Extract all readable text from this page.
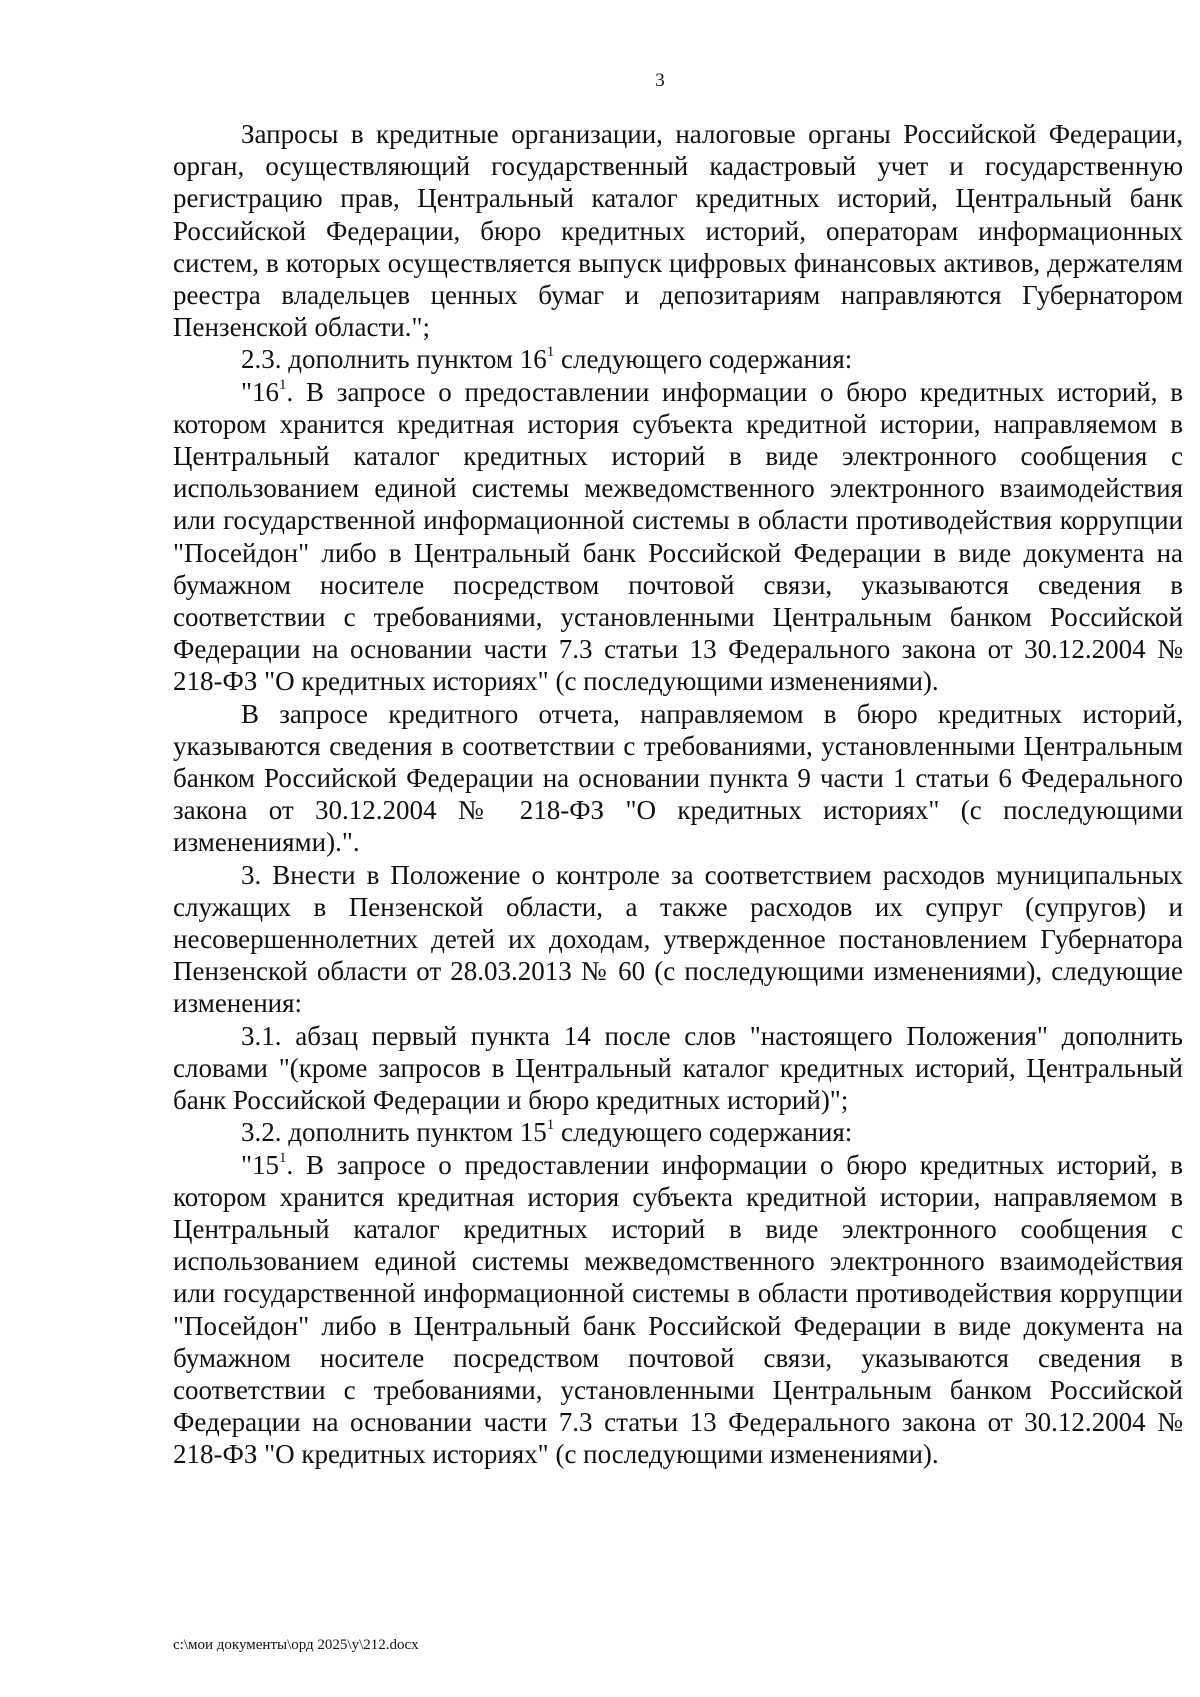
3

Запросы в кредитные организации, налоговые органы Российской Федерации, орган, осуществляющий государственный кадастровый учет и государственную регистрацию прав, Центральный каталог кредитных историй, Центральный банк Российской Федерации, бюро кредитных историй, операторам информационных систем, в которых осуществляется выпуск цифровых финансовых активов, держателям реестра владельцев ценных бумаг и депозитариям направляются Губернатором Пензенской области.";

2.3. дополнить пунктом $16^1$ следующего содержания:

"$16^1$. В запросе о предоставлении информации о бюро кредитных историй, в котором хранится кредитная история субъекта кредитной истории, направляемом в Центральный каталог кредитных историй в виде электронного сообщения с использованием единой системы межведомственного электронного взаимодействия или государственной информационной системы в области противодействия коррупции "Посейдон" либо в Центральный банк Российской Федерации в виде документа на бумажном носителе посредством почтовой связи, указываются сведения в соответствии с требованиями, установленными Центральным банком Российской Федерации на основании части 7.3 статьи 13 Федерального закона от 30.12.2004 № 218-ФЗ "О кредитных историях" (с последующими изменениями).

В запросе кредитного отчета, направляемом в бюро кредитных историй, указываются сведения в соответствии с требованиями, установленными Центральным банком Российской Федерации на основании пункта 9 части 1 статьи 6 Федерального закона от 30.12.2004 № 218-ФЗ "О кредитных историях" (с последующими изменениями).".

3. Внести в Положение о контроле за соответствием расходов муниципальных служащих в Пензенской области, а также расходов их супруг (супругов) и несовершеннолетних детей их доходам, утвержденное постановлением Губернатора Пензенской области от 28.03.2013 № 60 (с последующими изменениями), следующие изменения:

3.1. абзац первый пункта 14 после слов "настоящего Положения" дополнить словами "(кроме запросов в Центральный каталог кредитных историй, Центральный банк Российской Федерации и бюро кредитных историй)";

3.2. дополнить пунктом $15^1$ следующего содержания:

"$15^1$. В запросе о предоставлении информации о бюро кредитных историй, в котором хранится кредитная история субъекта кредитной истории, направляемом в Центральный каталог кредитных историй в виде электронного сообщения с использованием единой системы межведомственного электронного взаимодействия или государственной информационной системы в области противодействия коррупции "Посейдон" либо в Центральный банк Российской Федерации в виде документа на бумажном носителе посредством почтовой связи, указываются сведения в соответствии с требованиями, установленными Центральным банком Российской Федерации на основании части 7.3 статьи 13 Федерального закона от 30.12.2004 № 218-ФЗ "О кредитных историях" (с последующими изменениями).

c:\мои документы\орд 2025\у\212.docx
